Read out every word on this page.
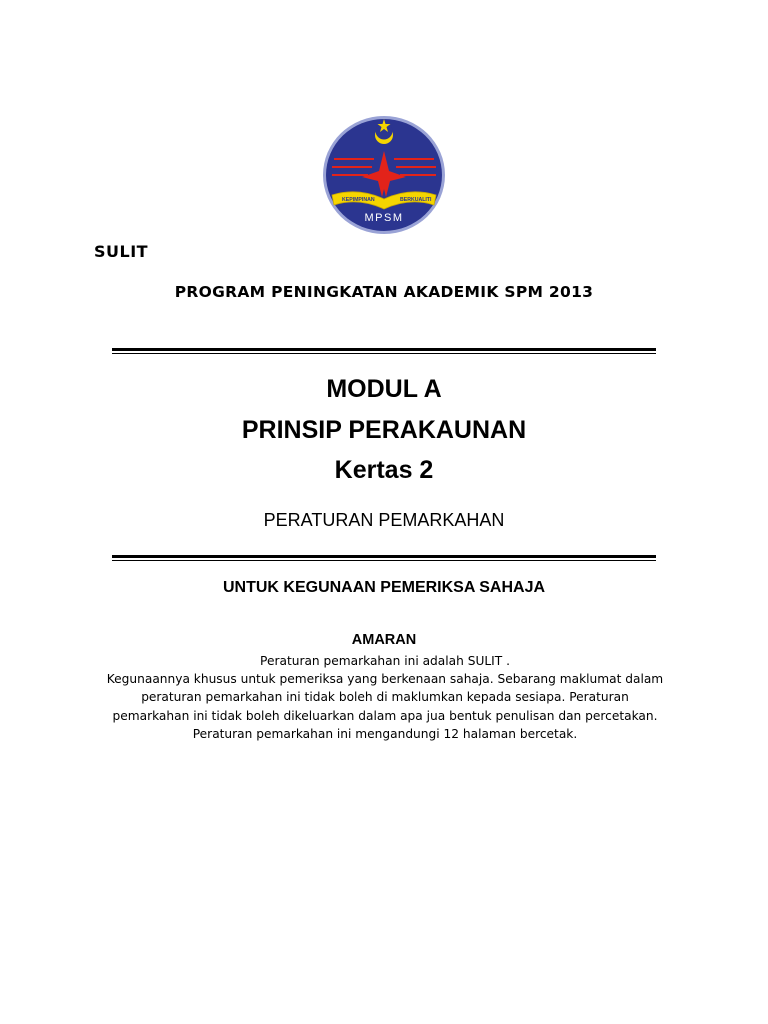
KEPIMPINAN	BERKUALITI
MPSM
SULIT
PROGRAM PENINGKATAN AKADEMIK SPM 2013
MODUL A
PRINSIP PERAKAUNAN
Kertas 2
PERATURAN PEMARKAHAN
UNTUK KEGUNAAN PEMERIKSA SAHAJA
AMARAN
Peraturan pemarkahan ini adalah SULIT .
Kegunaannya khusus untuk pemeriksa yang berkenaan sahaja. Sebarang maklumat dalam
peraturan pemarkahan ini tidak boleh di maklumkan kepada sesiapa. Peraturan
pemarkahan ini tidak boleh dikeluarkan dalam apa jua bentuk penulisan dan percetakan.
Peraturan pemarkahan ini mengandungi 12 halaman bercetak.
